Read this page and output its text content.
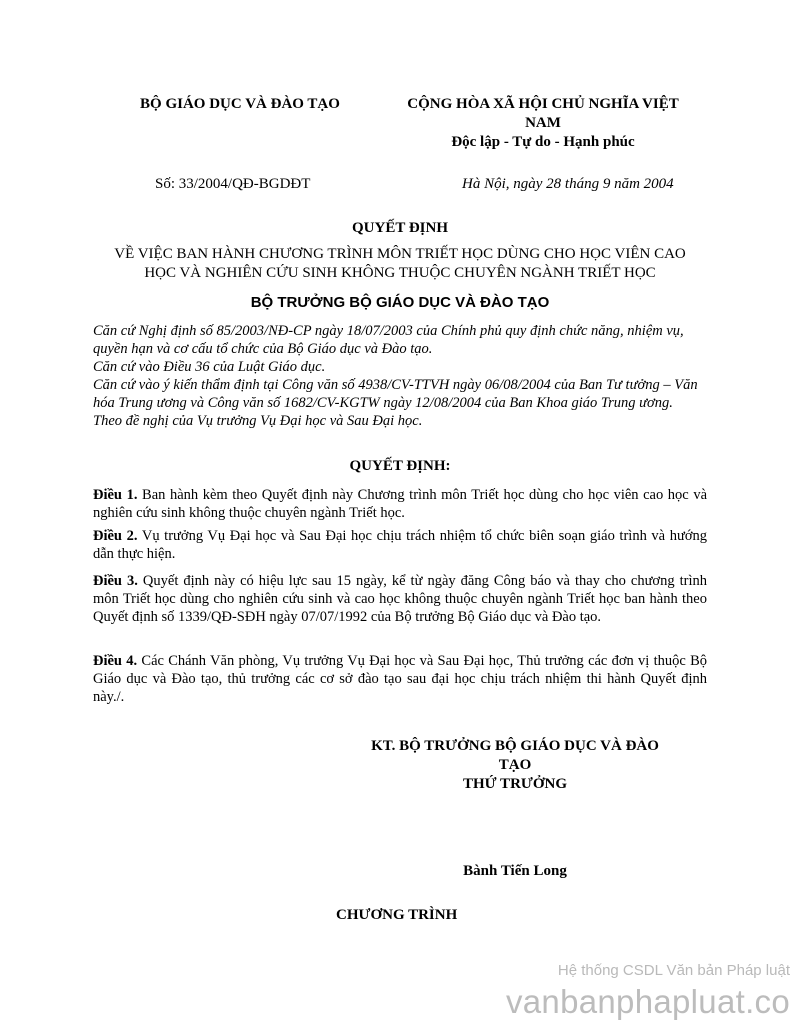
BỘ GIÁO DỤC VÀ ĐÀO TẠO	CỘNG HÒA XÃ HỘI CHỦ NGHĨA VIỆT
NAM
Độc lập - Tự do - Hạnh phúc
Số: 33/2004/QĐ-BGDĐT	Hà Nội, ngày 28 tháng 9 năm 2004
QUYẾT ĐỊNH
VỀ VIỆC BAN HÀNH CHƯƠNG TRÌNH MÔN TRIẾT HỌC DÙNG CHO HỌC VIÊN CAO
HỌC VÀ NGHIÊN CỨU SINH KHÔNG THUỘC CHUYÊN NGÀNH TRIẾT HỌC
BỘ TRƯỞNG BỘ GIÁO DỤC VÀ ĐÀO TẠO
Căn cứ Nghị định số 85/2003/NĐ-CP ngày 18/07/2003 của Chính phủ quy định chức năng, nhiệm vụ, quyền hạn và cơ cấu tổ chức của Bộ Giáo dục và Đào tạo.
Căn cứ vào Điều 36 của Luật Giáo dục.
Căn cứ vào ý kiến thẩm định tại Công văn số 4938/CV-TTVH ngày 06/08/2004 của Ban Tư tưởng – Văn hóa Trung ương và Công văn số 1682/CV-KGTW ngày 12/08/2004 của Ban Khoa giáo Trung ương.
Theo đề nghị của Vụ trưởng Vụ Đại học và Sau Đại học.
QUYẾT ĐỊNH:
Điều 1. Ban hành kèm theo Quyết định này Chương trình môn Triết học dùng cho học viên cao học và nghiên cứu sinh không thuộc chuyên ngành Triết học.
Điều 2. Vụ trưởng Vụ Đại học và Sau Đại học chịu trách nhiệm tổ chức biên soạn giáo trình và hướng dẫn thực hiện.
Điều 3. Quyết định này có hiệu lực sau 15 ngày, kể từ ngày đăng Công báo và thay cho chương trình môn Triết học dùng cho nghiên cứu sinh và cao học không thuộc chuyên ngành Triết học ban hành theo Quyết định số 1339/QĐ-SĐH ngày 07/07/1992 của Bộ trưởng Bộ Giáo dục và Đào tạo.
Điều 4. Các Chánh Văn phòng, Vụ trưởng Vụ Đại học và Sau Đại học, Thủ trưởng các đơn vị thuộc Bộ Giáo dục và Đào tạo, thủ trưởng các cơ sở đào tạo sau đại học chịu trách nhiệm thi hành Quyết định này./.
KT. BỘ TRƯỞNG BỘ GIÁO DỤC VÀ ĐÀO
TẠO
THỨ TRƯỞNG
Bành Tiến Long
CHƯƠNG TRÌNH
Hệ thống CSDL Văn bản Pháp luật
vanbanphapluat.co
